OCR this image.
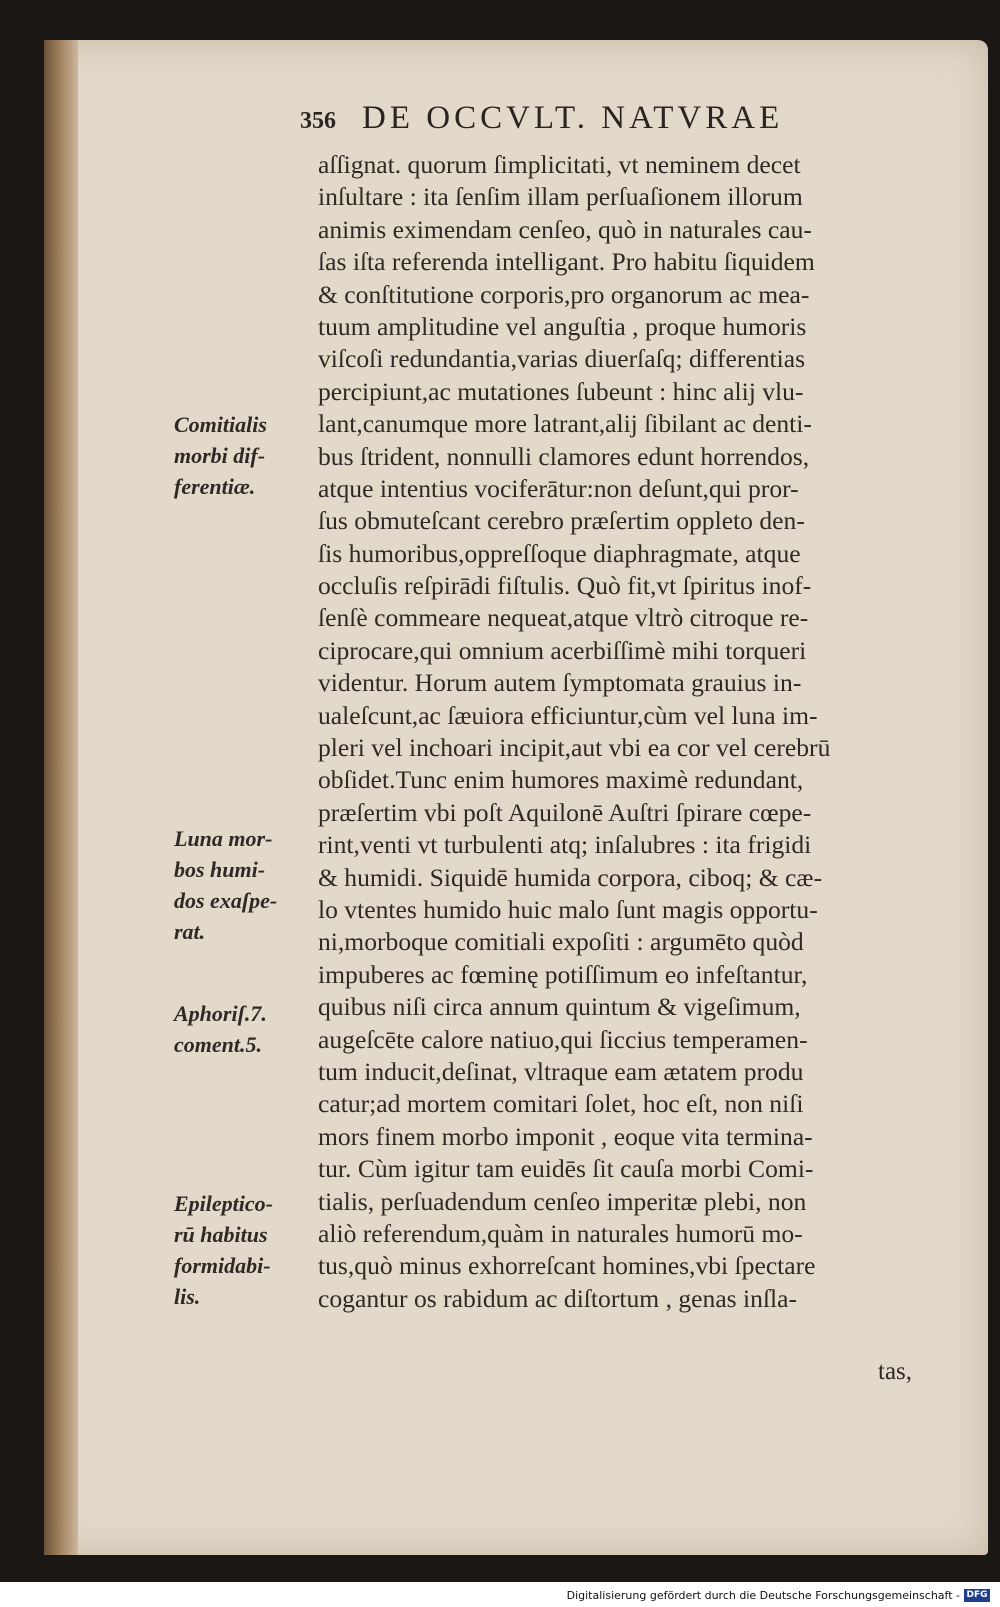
356 DE OCCVLT. NATVRAE
aſſignat. quorum ſimplicitati, vt neminem decet
inſultare : ita ſenſim illam perſuaſionem illorum
animis eximendam cenſeo, quò in naturales cau-
ſas iſta referenda intelligant. Pro habitu ſiquidem
& conſtitutione corporis,pro organorum ac mea-
tuum amplitudine vel anguſtia , proque humoris
viſcoſi redundantia,varias diuerſaſq; differentias
percipiunt,ac mutationes ſubeunt : hinc alij vlu-
lant,canumque more latrant,alij ſibilant ac denti-
bus ſtrident, nonnulli clamores edunt horrendos,
atque intentius vociferātur:non deſunt,qui pror-
ſus obmuteſcant cerebro præſertim oppleto den-
ſis humoribus,oppreſſoque diaphragmate, atque
occluſis reſpirādi fiſtulis. Quò fit,vt ſpiritus inof-
ſenſè commeare nequeat,atque vltrò citroque re-
ciprocare,qui omnium acerbiſſimè mihi torqueri
videntur. Horum autem ſymptomata grauius in-
ualeſcunt,ac ſæuiora efficiuntur,cùm vel luna im-
pleri vel inchoari incipit,aut vbi ea cor vel cerebrū
obſidet.Tunc enim humores maximè redundant,
præſertim vbi poſt Aquilonē Auſtri ſpirare cœpe-
rint,venti vt turbulenti atq; inſalubres : ita frigidi
& humidi. Siquidē humida corpora, ciboq; & cæ-
lo vtentes humido huic malo ſunt magis opportu-
ni,morboque comitiali expoſiti : argumēto quòd
impuberes ac fœminę potiſſimum eo infeſtantur,
quibus niſi circa annum quintum & vigeſimum,
augeſcēte calore natiuo,qui ſiccius temperamen-
tum inducit,deſinat, vltraque eam ætatem produ
catur;ad mortem comitari ſolet, hoc eſt, non niſi
mors finem morbo imponit , eoque vita termina-
tur. Cùm igitur tam euidēs ſit cauſa morbi Comi-
tialis, perſuadendum cenſeo imperitæ plebi, non
aliò referendum,quàm in naturales humorū mo-
tus,quò minus exhorreſcant homines,vbi ſpectare
cogantur os rabidum ac diſtortum , genas inſla-
Comitialis
morbi dif-
ferentiæ.
Luna mor-
bos humi-
dos exaſpe-
rat.
Aphoriſ.7.
coment.5.
Epileptico-
rū habitus
formidabi-
lis.
tas,
Digitalisierung gefördert durch die Deutsche Forschungsgemeinschaft - DFG
